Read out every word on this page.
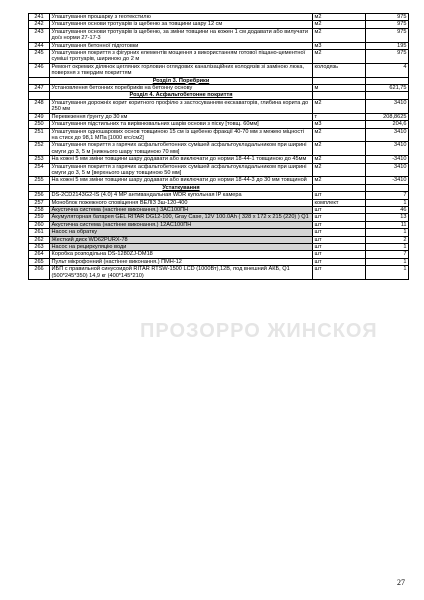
241	Улаштування прошарку з геотекстилю	м2	975
242	Улаштування основи тротуарів із щебеню за товщини шару 12 см	м2	975
243	Улаштування основи тротуарів із щебеню, за зміни товщини на кожен 1 см додавати або вилучати до/з норми 27-17-3	м2	975
244	Улаштування бетонної підготовки	м3	195
245	Улаштування покриття з фігурних елементів мощення з використанням готової піщано-цементної суміші тротуарів, шириною до 2 м	м2	975
246	Ремонт окремих ділянок цегляних горловин оглядових каналізаційних колодязів зі заміною люка, поверхня з твердим покриттям	колодязь	4
	Розділ 3. Поребрики		
247	Установлення бетонних поребриків на бетонну основу	м	621,75
	Розділ 4. Асфальтобетонне покриття		
248	Улаштування дорожніх корит коритного профілю з застосуванням екскаваторів, глибина корита до 250 мм	м2	3410
249	Перевезення ґрунту до 30 км	т	208,8625
250	Улаштування підстильних та вирівнювальних шарів основи з піску [товщ. 60мм]	м3	204,6
251	Улаштування одношарових основ товщиною 15 см із щебеню фракції 40-70 мм з межею міцності на стиск до 98,1 МПа [1000 кгс/см2]	м2	3410
252	Улаштування покриття з гарячих асфальтобетонних сумішей асфальтоукладальником при ширині смуги до 3, 5 м [нижнього шару товщиною 70 мм]	м2	3410
253	На кожні 5 мм зміни товщини шару додавати або виключати до норми 18-44-1 товщиною до 45мм	м2	-3410
254	Улаштування покриття з гарячих асфальтобетонних сумішей асфальтоукладальником при ширині смуги до 3, 5 м [верхнього шару товщиною 50 мм]	м2	3410
255	На кожні 5 мм зміни товщини шару додавати або виключати до норми 18-44-3 до 30 мм товщиной	м2	-3410
	Устаткування		
256	DS-2CD2143G2-IS (4.0) 4 MP антивандальная WDR купольная IP камера	шт	7
257	Моноблок пожежного сповіщення ВЕЛІЗ 3ш-120-400	комплект	1
258	Акустична система (настінне виконання.) 3АС100ПН	шт	46
259	Акумуляторная батарея GEL RITAR DG12-100, Gray Case, 12V 100.0Ah ( 328 x 172 x 215 (220) ) Q1	шт	13
260	Акустична система (настінне виконання.) 12АС100ПН	шт	11
261	Насос на обратку	шт	1
262	Жесткий диск WD62PURX-78	шт	2
263	Насос на рециркуляцію води	шт	1
264	Коробка розподільна DS-1280ZJ-DM18	шт	7
265	Пульт мікрофонний (настінне виконання.) ПМН-12	шт	1
266	ИБП с правильной синусоидой RITAR RTSW-1500 LCD (1000Вт),12В, под внешний АКБ, Q1 (500*245*350) 14,9 кг (400*145*210)	шт	1
ПРОЗОРРО ЖИНСКОЯ
27
